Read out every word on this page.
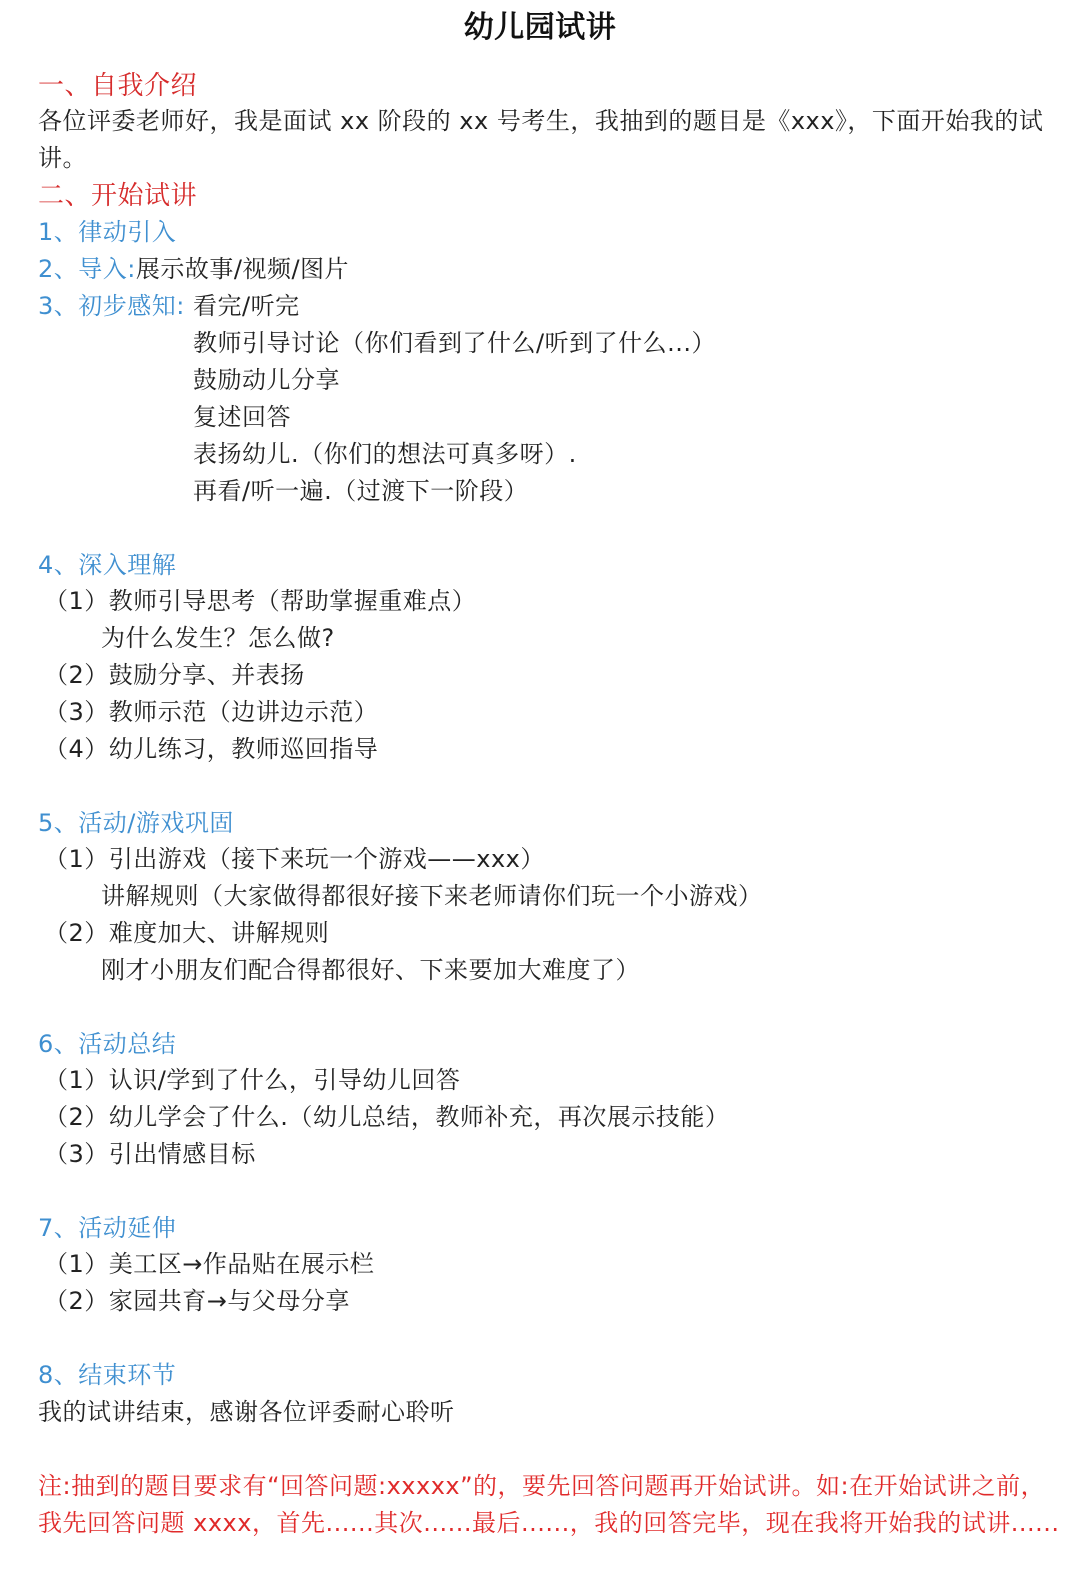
幼儿园试讲
一、自我介绍
各位评委老师好，我是面试 xx 阶段的 xx 号考生，我抽到的题目是《xxx》，下面开始我的试
讲。
二、开始试讲
1、律动引入
2、导入:展示故事/视频/图片
3、初步感知: 看完/听完
教师引导讨论（你们看到了什么/听到了什么...）
鼓励动儿分享
复述回答
表扬幼儿.（你们的想法可真多呀）.
再看/听一遍.（过渡下一阶段）
4、深入理解
（1）教师引导思考（帮助掌握重难点）
为什么发生？怎么做?
（2）鼓励分享、并表扬
（3）教师示范（边讲边示范）
（4）幼儿练习，教师巡回指导
5、活动/游戏巩固
（1）引出游戏（接下来玩一个游戏——xxx）
讲解规则（大家做得都很好接下来老师请你们玩一个小游戏）
（2）难度加大、讲解规则
刚才小朋友们配合得都很好、下来要加大难度了）
6、活动总结
（1）认识/学到了什么，引导幼儿回答
（2）幼儿学会了什么.（幼儿总结，教师补充，再次展示技能）
（3）引出情感目标
7、活动延伸
（1）美工区→作品贴在展示栏
（2）家园共育→与父母分享
8、结束环节
我的试讲结束，感谢各位评委耐心聆听
注:抽到的题目要求有“回答问题:xxxxx”的，要先回答问题再开始试讲。如:在开始试讲之前，
我先回答问题 xxxx，首先......其次......最后......，我的回答完毕，现在我将开始我的试讲......
